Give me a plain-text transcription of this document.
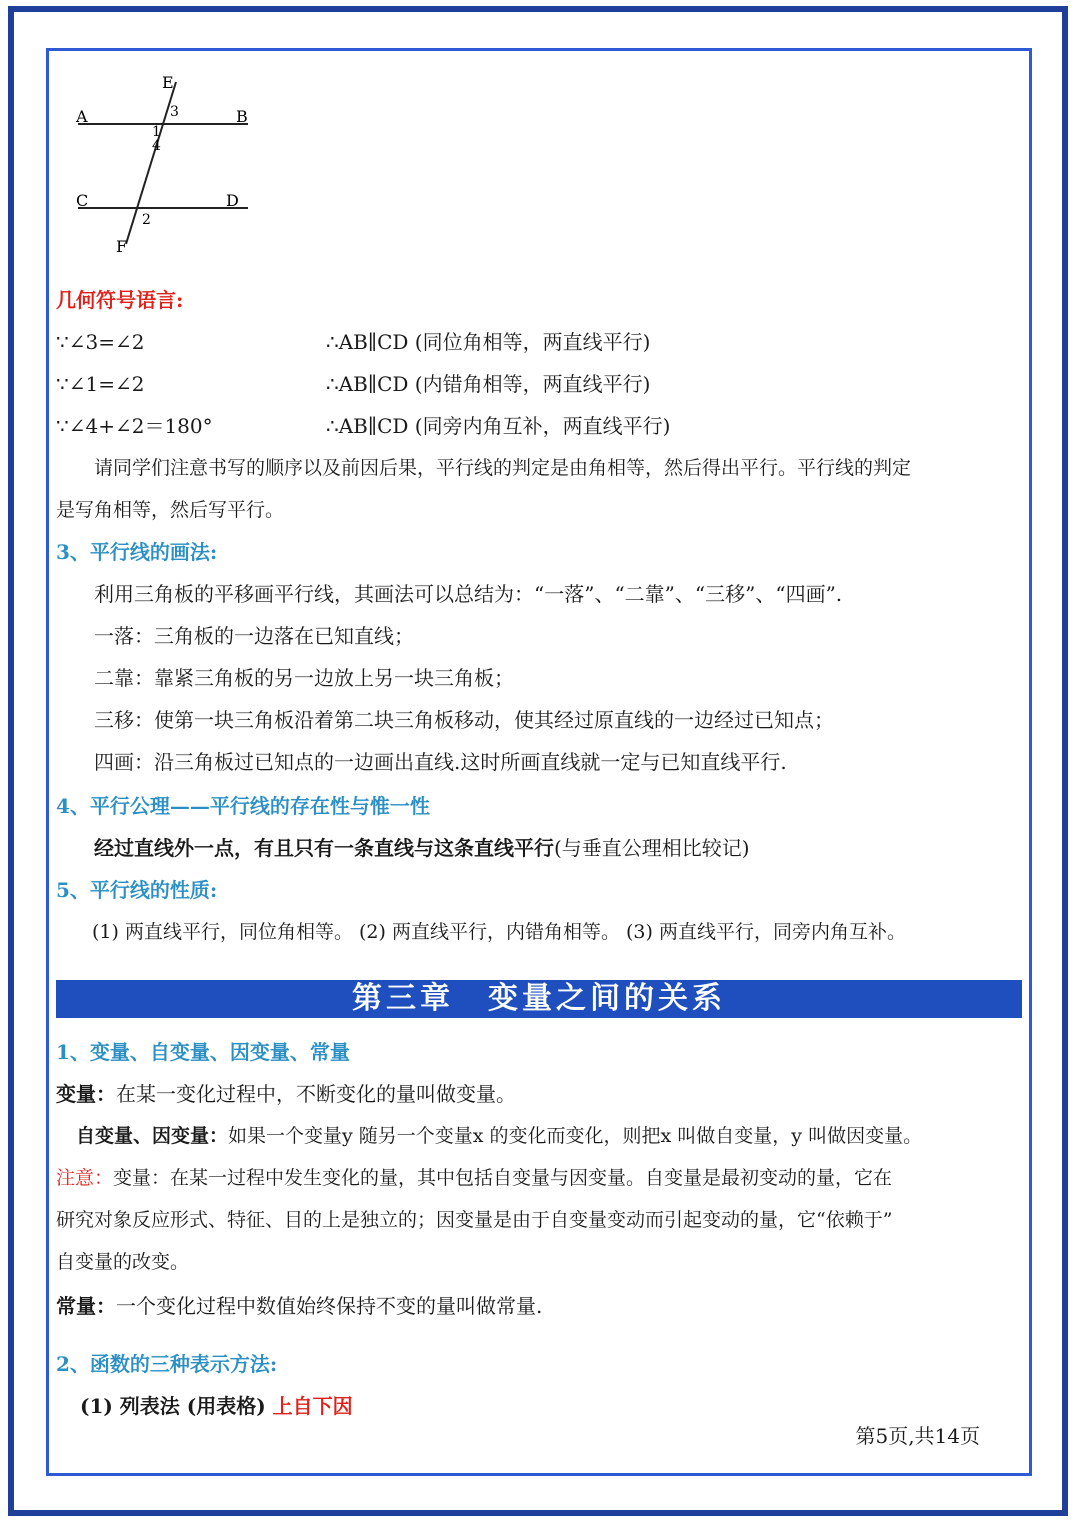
E
A	B
C	D
F
3
1
4
2
几何符号语言:
∵∠3=∠2	∴AB∥CD (同位角相等，两直线平行)
∵∠1=∠2	∴AB∥CD (内错角相等，两直线平行)
∵∠4+∠2＝180°	∴AB∥CD (同旁内角互补，两直线平行)
请同学们注意书写的顺序以及前因后果，平行线的判定是由角相等，然后得出平行。平行线的判定
是写角相等，然后写平行。
3、平行线的画法:
利用三角板的平移画平行线，其画法可以总结为：“一落”、“二靠”、“三移”、“四画”.
一落：三角板的一边落在已知直线；
二靠：靠紧三角板的另一边放上另一块三角板；
三移：使第一块三角板沿着第二块三角板移动，使其经过原直线的一边经过已知点；
四画：沿三角板过已知点的一边画出直线.这时所画直线就一定与已知直线平行.
4、平行公理——平行线的存在性与惟一性
经过直线外一点，有且只有一条直线与这条直线平行(与垂直公理相比较记)
5、平行线的性质:
(1) 两直线平行，同位角相等。 (2) 两直线平行，内错角相等。 (3) 两直线平行，同旁内角互补。
第三章　变量之间的关系
1、变量、自变量、因变量、常量
变量：在某一变化过程中，不断变化的量叫做变量。
自变量、因变量：如果一个变量y 随另一个变量x 的变化而变化，则把x 叫做自变量，y 叫做因变量。
注意：变量：在某一过程中发生变化的量，其中包括自变量与因变量。自变量是最初变动的量，它在
研究对象反应形式、特征、目的上是独立的；因变量是由于自变量变动而引起变动的量，它“依赖于”
自变量的改变。
常量：一个变化过程中数值始终保持不变的量叫做常量.
2、函数的三种表示方法:
(1) 列表法 (用表格) 上自下因
第5页,共14页
